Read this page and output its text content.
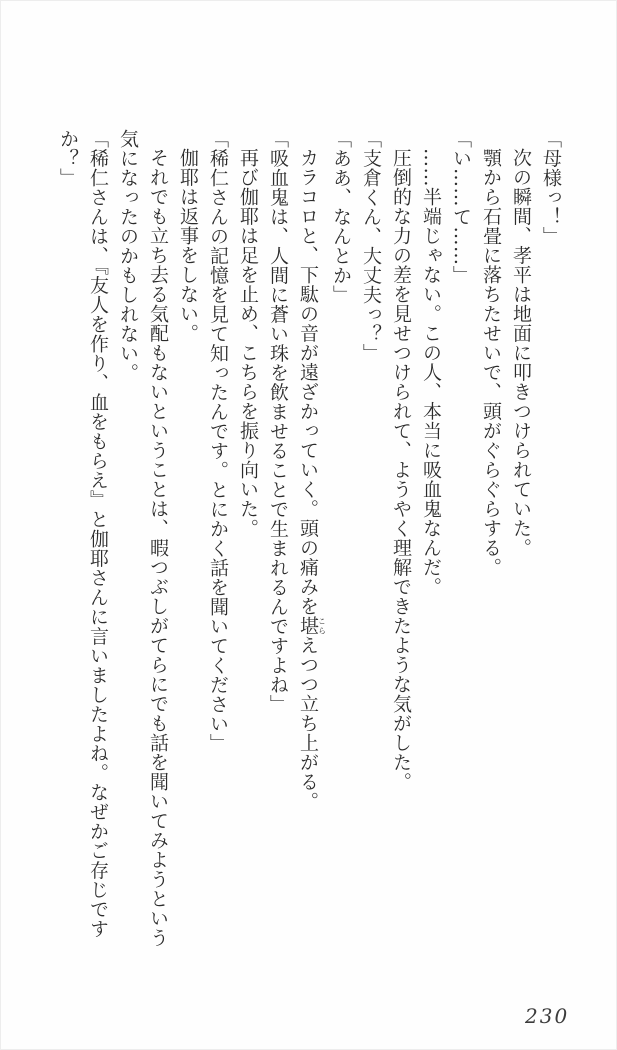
「母様っ！」

次の瞬間、孝平は地面に叩きつけられていた。

顎から石畳に落ちたせいで、頭がぐらぐらする。

「い……て……」

……半端じゃない。この人、本当に吸血鬼なんだ。

圧倒的な力の差を見せつけられて、ようやく理解できたような気がした。

「支倉くん、大丈夫っ？」

「ああ、なんとか」

カラコロと、下駄の音が遠ざかっていく。頭の痛みを堪こらえつつ立ち上がる。

「吸血鬼は、人間に蒼い珠を飲ませることで生まれるんですよね」

再び伽耶は足を止め、こちらを振り向いた。

「稀仁さんの記憶を見て知ったんです。とにかく話を聞いてください」

伽耶は返事をしない。

それでも立ち去る気配もないということは、暇つぶしがてらにでも話を聞いてみようという

気になったのかもしれない。

「稀仁さんは、『友人を作り、血をもらえ』と伽耶さんに言いましたよね。なぜかご存じです

か？」

230
